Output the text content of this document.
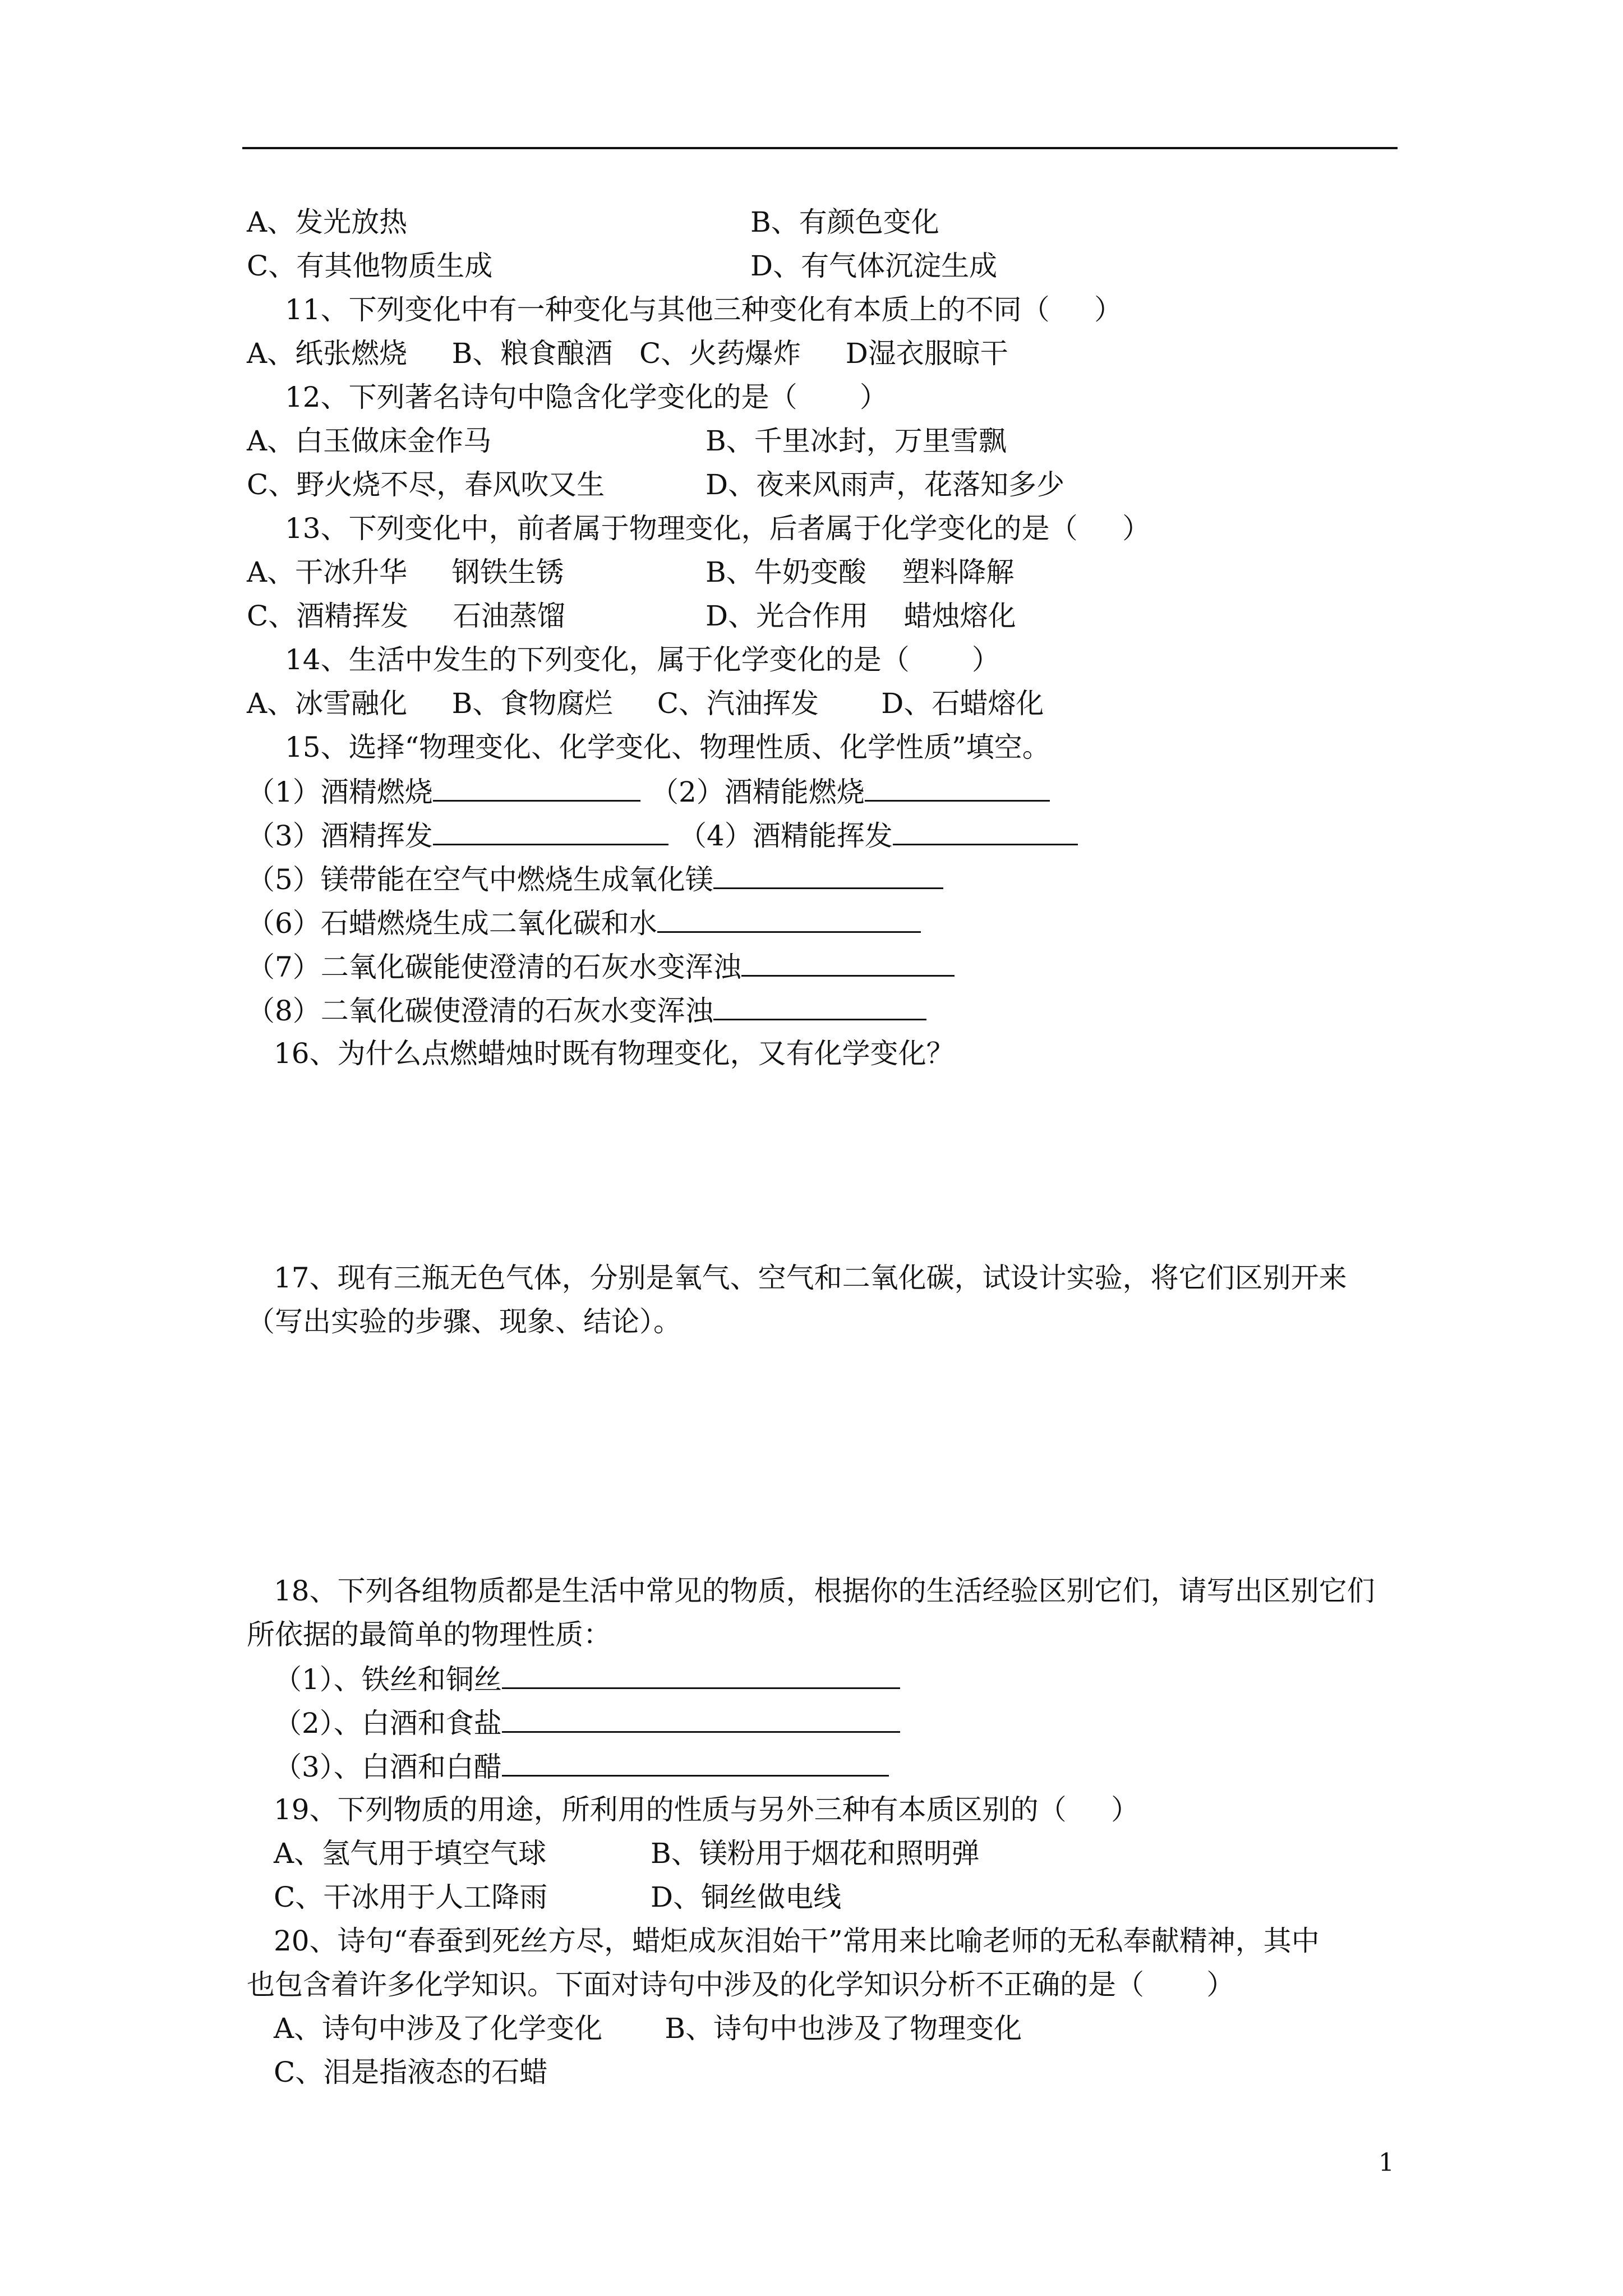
A、发光放热	B、有颜色变化
C、有其他物质生成	D、有气体沉淀生成
11、下列变化中有一种变化与其他三种变化有本质上的不同（     ）
A、纸张燃烧     B、粮食酿酒   C、火药爆炸     D湿衣服晾干
12、下列著名诗句中隐含化学变化的是（       ）
A、白玉做床金作马	B、千里冰封，万里雪飘
C、野火烧不尽，春风吹又生	D、夜来风雨声，花落知多少
13、下列变化中，前者属于物理变化，后者属于化学变化的是（     ）
A、干冰升华     钢铁生锈	B、牛奶变酸    塑料降解
C、酒精挥发     石油蒸馏	D、光合作用    蜡烛熔化
14、生活中发生的下列变化，属于化学变化的是（       ）
A、冰雪融化     B、食物腐烂     C、汽油挥发       D、石蜡熔化
15、选择“物理变化、化学变化、物理性质、化学性质”填空。
（1）酒精燃烧	（2）酒精能燃烧
（3）酒精挥发	（4）酒精能挥发
（5）镁带能在空气中燃烧生成氧化镁
（6）石蜡燃烧生成二氧化碳和水
（7）二氧化碳能使澄清的石灰水变浑浊
（8）二氧化碳使澄清的石灰水变浑浊
16、为什么点燃蜡烛时既有物理变化，又有化学变化？
17、现有三瓶无色气体，分别是氧气、空气和二氧化碳，试设计实验，将它们区别开来
（写出实验的步骤、现象、结论）。
18、下列各组物质都是生活中常见的物质，根据你的生活经验区别它们，请写出区别它们
所依据的最简单的物理性质：
（1）、铁丝和铜丝
（2）、白酒和食盐
（3）、白酒和白醋
19、下列物质的用途，所利用的性质与另外三种有本质区别的（     ）
A、氢气用于填空气球	B、镁粉用于烟花和照明弹
C、干冰用于人工降雨	D、铜丝做电线
20、诗句“春蚕到死丝方尽，蜡炬成灰泪始干”常用来比喻老师的无私奉献精神，其中
也包含着许多化学知识。下面对诗句中涉及的化学知识分析不正确的是（       ）
A、诗句中涉及了化学变化       B、诗句中也涉及了物理变化
C、泪是指液态的石蜡
1
